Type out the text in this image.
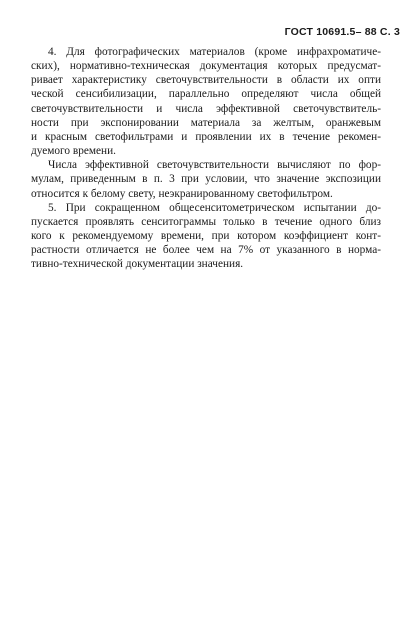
ГОСТ 10691.5– 88 С. 3
4. Для фотографических материалов (кроме инфрахроматиче-
ских), нормативно-техническая документация которых предусмат-
ривает характеристику светочувствительности в области их опти
ческой сенсибилизации, параллельно определяют числа общей
светочувствительности и числа эффективной светочувствитель-
ности при экспонировании материала за желтым, оранжевым
и красным светофильтрами и проявлении их в течение рекомен-
дуемого времени.
Числа эффективной светочувствительности вычисляют по фор-
мулам, приведенным в п. 3 при условии, что значение экспозиции
относится к белому свету, неэкранированному светофильтром.
5. При сокращенном общесенситометрическом испытании до-
пускается проявлять сенситограммы только в течение одного близ
кого к рекомендуемому времени, при котором коэффициент конт-
растности отличается не более чем на 7% от указанного в норма-
тивно-технической документации значения.
